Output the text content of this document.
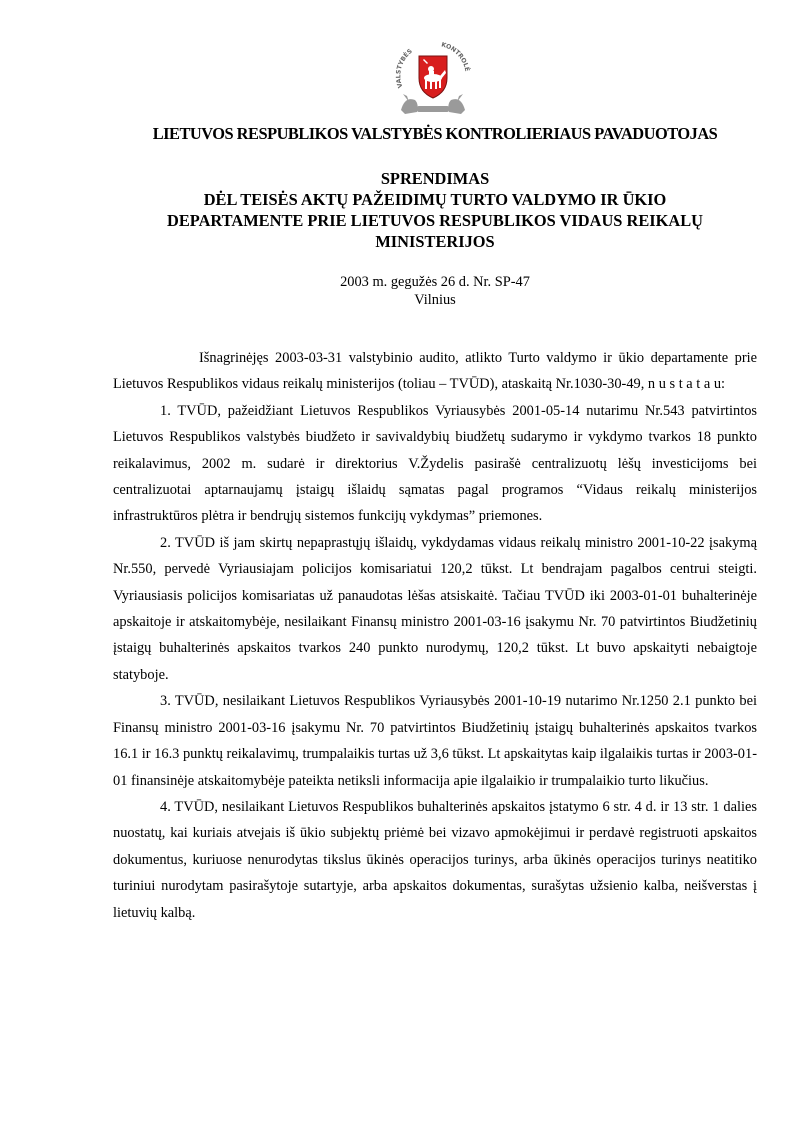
VALSTYBĖS
KONTROLĖ
LIETUVOS RESPUBLIKOS VALSTYBĖS KONTROLIERIAUS PAVADUOTOJAS
SPRENDIMAS
DĖL TEISĖS AKTŲ PAŽEIDIMŲ TURTO VALDYMO IR ŪKIO
DEPARTAMENTE PRIE LIETUVOS RESPUBLIKOS VIDAUS REIKALŲ
MINISTERIJOS
2003 m. gegužės 26 d. Nr. SP-47
Vilnius

Išnagrinėjęs 2003-03-31 valstybinio audito, atlikto Turto valdymo ir ūkio departamente prie Lietuvos Respublikos vidaus reikalų ministerijos (toliau – TVŪD), ataskaitą Nr.1030-30-49, n u s t a t a u:

1. TVŪD, pažeidžiant Lietuvos Respublikos Vyriausybės 2001-05-14 nutarimu Nr.543 patvirtintos Lietuvos Respublikos valstybės biudžeto ir savivaldybių biudžetų sudarymo ir vykdymo tvarkos 18 punkto reikalavimus, 2002 m. sudarė ir direktorius V.Žydelis pasirašė centralizuotų lėšų investicijoms bei centralizuotai aptarnaujamų įstaigų išlaidų sąmatas pagal programos “Vidaus reikalų ministerijos infrastruktūros plėtra ir bendrųjų sistemos funkcijų vykdymas” priemones.

2. TVŪD iš jam skirtų nepaprastųjų išlaidų, vykdydamas vidaus reikalų ministro 2001-10-22 įsakymą Nr.550, pervedė Vyriausiajam policijos komisariatui 120,2 tūkst. Lt bendrajam pagalbos centrui steigti. Vyriausiasis policijos komisariatas už panaudotas lėšas atsiskaitė. Tačiau TVŪD iki 2003-01-01 buhalterinėje apskaitoje ir atskaitomybėje, nesilaikant Finansų ministro 2001-03-16 įsakymu Nr. 70 patvirtintos Biudžetinių įstaigų buhalterinės apskaitos tvarkos 240 punkto nurodymų, 120,2 tūkst. Lt buvo apskaityti nebaigtoje statyboje.

3. TVŪD, nesilaikant Lietuvos Respublikos Vyriausybės 2001-10-19 nutarimo Nr.1250 2.1 punkto bei Finansų ministro 2001-03-16 įsakymu Nr. 70 patvirtintos Biudžetinių įstaigų buhalterinės apskaitos tvarkos 16.1 ir 16.3 punktų reikalavimų, trumpalaikis turtas už 3,6 tūkst. Lt apskaitytas kaip ilgalaikis turtas ir 2003-01-01 finansinėje atskaitomybėje pateikta netiksli informacija apie ilgalaikio ir trumpalaikio turto likučius.

4. TVŪD, nesilaikant Lietuvos Respublikos buhalterinės apskaitos įstatymo 6 str. 4 d. ir 13 str. 1 dalies nuostatų, kai kuriais atvejais iš ūkio subjektų priėmė bei vizavo apmokėjimui ir perdavė registruoti apskaitos dokumentus, kuriuose nenurodytas tikslus ūkinės operacijos turinys, arba ūkinės operacijos turinys neatitiko turiniui nurodytam pasirašytoje sutartyje, arba apskaitos dokumentas, surašytas užsienio kalba, neišverstas į lietuvių kalbą.
